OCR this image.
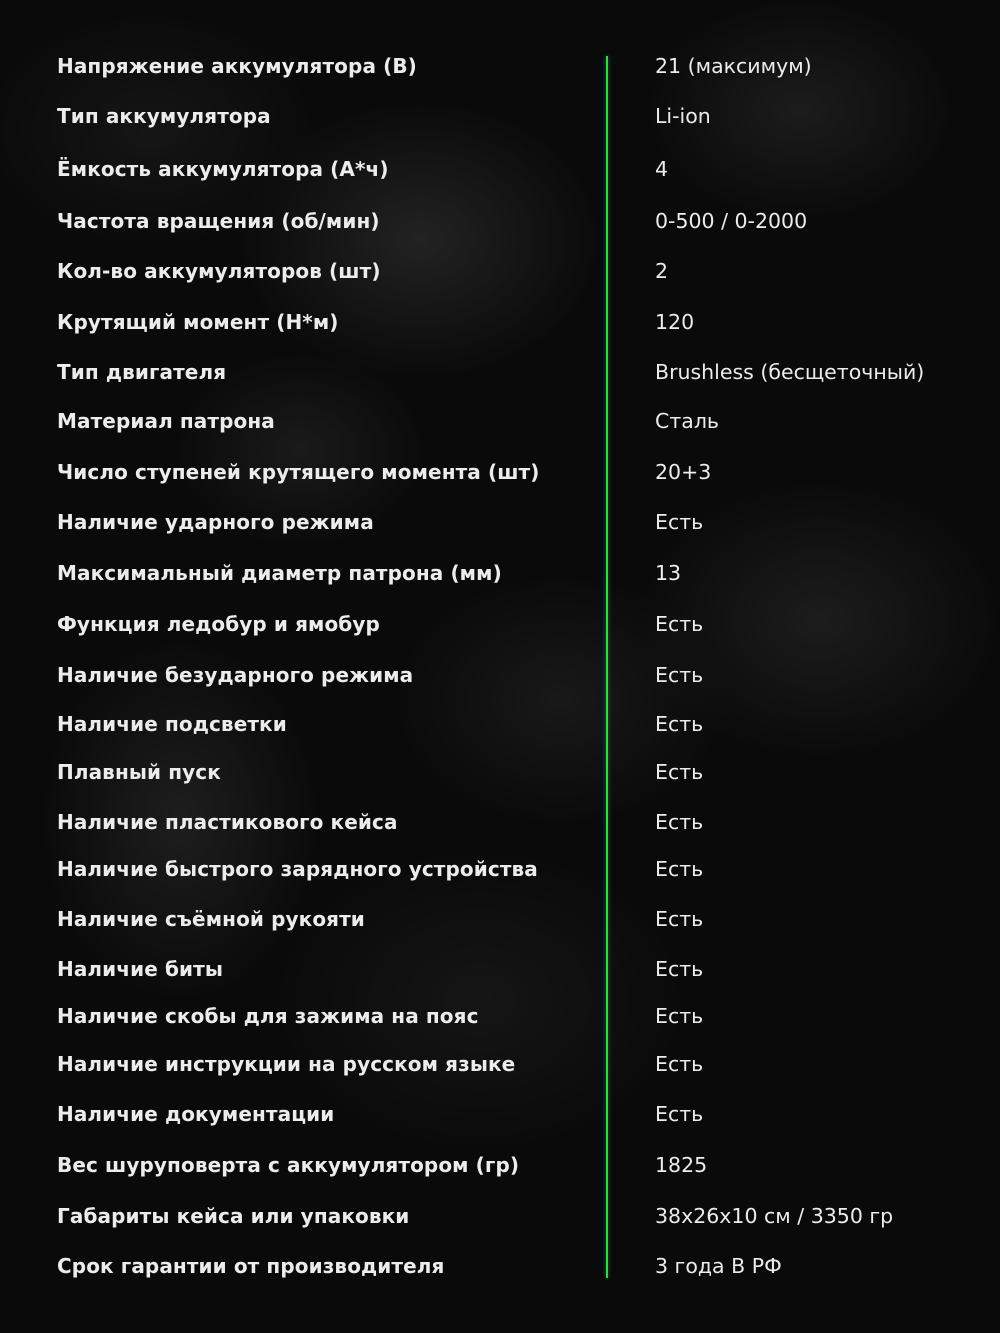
Напряжение аккумулятора (В)	21 (максимум)
Тип аккумулятора	Li-ion
Ёмкость аккумулятора (А*ч)	4
Частота вращения (об/мин)	0-500 / 0-2000
Кол-во аккумуляторов (шт)	2
Крутящий момент (Н*м)	120
Тип двигателя	Brushless (бесщеточный)
Материал патрона	Сталь
Число ступеней крутящего момента (шт)	20+3
Наличие ударного режима	Есть
Максимальный диаметр патрона (мм)	13
Функция ледобур и ямобур	Есть
Наличие безударного режима	Есть
Наличие подсветки	Есть
Плавный пуск	Есть
Наличие пластикового кейса	Есть
Наличие быстрого зарядного устройства	Есть
Наличие съёмной рукояти	Есть
Наличие биты	Есть
Наличие скобы для зажима на пояс	Есть
Наличие инструкции на русском языке	Есть
Наличие документации	Есть
Вес шуруповерта с аккумулятором (гр)	1825
Габариты кейса или упаковки	38x26x10 см / 3350 гр
Срок гарантии от производителя	3 года В РФ
